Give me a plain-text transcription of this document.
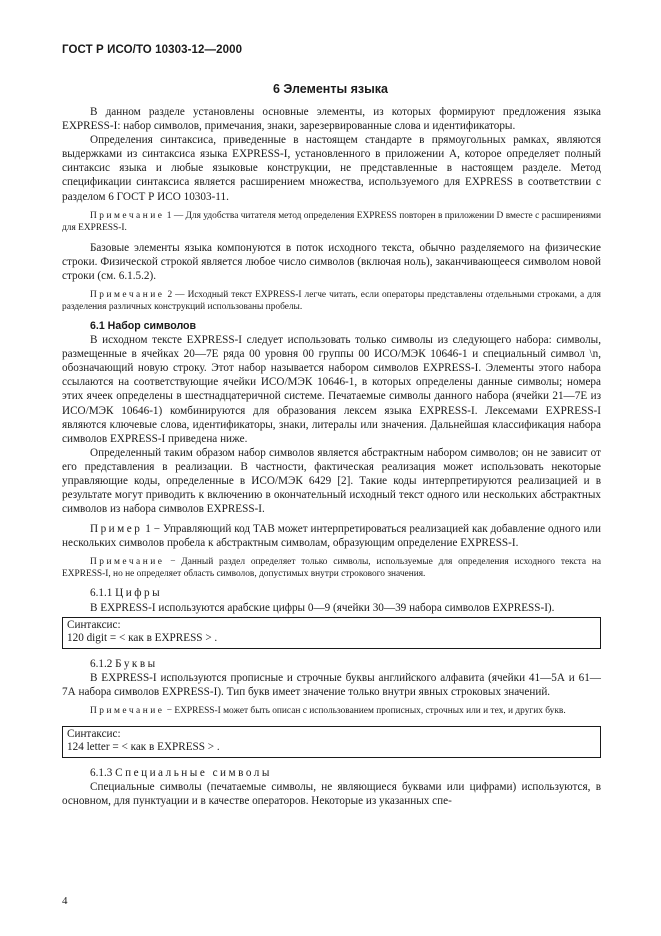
ГОСТ Р ИСО/ТО 10303-12—2000
6 Элементы языка

В данном разделе установлены основные элементы, из которых формируют предложения языка EXPRESS-I: набор символов, примечания, знаки, зарезервированные слова и идентификаторы.

Определения синтаксиса, приведенные в настоящем стандарте в прямоугольных рамках, являются выдержками из синтаксиса языка EXPRESS-I, установленного в приложении А, которое определяет полный синтаксис языка и любые языковые конструкции, не представленные в настоящем разделе. Метод спецификации синтаксиса является расширением множества, используемого для EXPRESS в соответствии с разделом 6 ГОСТ Р ИСО 10303-11.

Примечание 1 — Для удобства читателя метод определения EXPRESS повторен в приложении D вместе с расширениями для EXPRESS-I.

Базовые элементы языка компонуются в поток исходного текста, обычно разделяемого на физические строки. Физической строкой является любое число символов (включая ноль), заканчивающееся символом новой строки (см. 6.1.5.2).

Примечание 2 — Исходный текст EXPRESS-I легче читать, если операторы представлены отдельными строками, а для разделения различных конструкций использованы пробелы.

6.1 Набор символов

В исходном тексте EXPRESS-I следует использовать только символы из следующего набора: символы, размещенные в ячейках 20—7Е ряда 00 уровня 00 группы 00 ИСО/МЭК 10646-1 и специальный символ \n, обозначающий новую строку. Этот набор называется набором символов EXPRESS-I. Элементы этого набора ссылаются на соответствующие ячейки ИСО/МЭК 10646-1, в которых определены данные символы; номера этих ячеек определены в шестнадцатеричной системе. Печатаемые символы данного набора (ячейки 21—7Е из ИСО/МЭК 10646-1) комбинируются для образования лексем языка EXPRESS-I. Лексемами EXPRESS-I являются ключевые слова, идентификаторы, знаки, литералы или значения. Дальнейшая классификация набора символов EXPRESS-I приведена ниже.

Определенный таким образом набор символов является абстрактным набором символов; он не зависит от его представления в реализации. В частности, фактическая реализация может использовать некоторые управляющие коды, определенные в ИСО/МЭК 6429 [2]. Такие коды интерпретируются реализацией и в результате могут приводить к включению в окончательный исходный текст одного или нескольких абстрактных символов из набора символов EXPRESS-I.

Пример 1 − Управляющий код ТАВ может интерпретироваться реализацией как добавление одного или нескольких символов пробела к абстрактным символам, образующим определение EXPRESS-I.

Примечание − Данный раздел определяет только символы, используемые для определения исходного текста на EXPRESS-I, но не определяет область символов, допустимых внутри строкового значения.

6.1.1 Цифры

В EXPRESS-I используются арабские цифры 0—9 (ячейки 30—39 набора символов EXPRESS-I).

Синтаксис:
120 digit = < как в EXPRESS > .

6.1.2 Буквы

В EXPRESS-I используются прописные и строчные буквы английского алфавита (ячейки 41—5А и 61—7А набора символов EXPRESS-I). Тип букв имеет значение только внутри явных строковых значений.

Примечание − EXPRESS-I может быть описан с использованием прописных, строчных или и тех, и других букв.

Синтаксис:
124 letter = < как в EXPRESS > .

6.1.3 Специальные символы

Специальные символы (печатаемые символы, не являющиеся буквами или цифрами) используются, в основном, для пунктуации и в качестве операторов. Некоторые из указанных спе-

4
